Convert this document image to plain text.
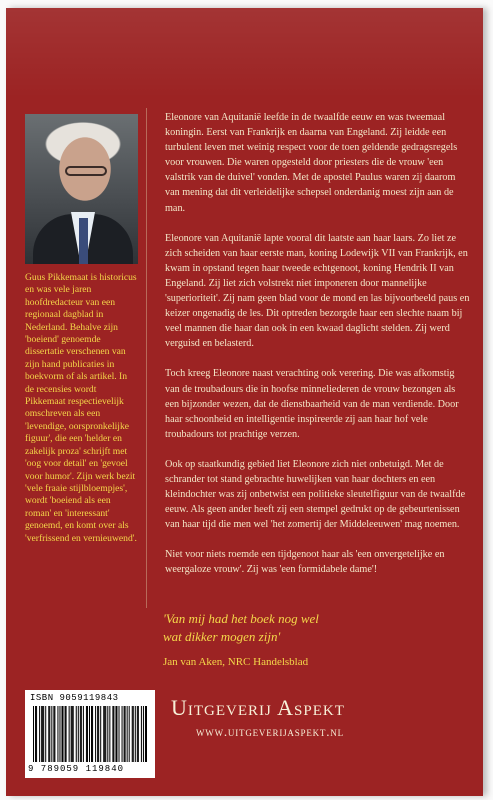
Guus Pikkemaat is historicus en was vele jaren hoofdredacteur van een regionaal dagblad in Nederland. Behalve zijn 'boeiend' genoemde dissertatie verschenen van zijn hand publicaties in boekvorm of als artikel. In de recensies wordt Pikkemaat respectievelijk omschreven als een 'levendige, oorspronkelijke figuur', die een 'helder en zakelijk proza' schrijft met 'oog voor detail' en 'gevoel voor humor'. Zijn werk bezit 'vele fraaie stijlbloempjes', wordt 'boeiend als een roman' en 'interessant' genoemd, en komt over als 'verfrissend en vernieuwend'.

Eleonore van Aquitanië leefde in de twaalfde eeuw en was tweemaal koningin. Eerst van Frankrijk en daarna van Engeland. Zij leidde een turbulent leven met weinig respect voor de toen geldende gedragsregels voor vrouwen. Die waren opgesteld door priesters die de vrouw 'een valstrik van de duivel' vonden. Met de apostel Paulus waren zij daarom van mening dat dit verleidelijke schepsel onderdanig moest zijn aan de man.

Eleonore van Aquitanië lapte vooral dit laatste aan haar laars. Zo liet ze zich scheiden van haar eerste man, koning Lodewijk VII van Frankrijk, en kwam in opstand tegen haar tweede echtgenoot, koning Hendrik II van Engeland. Zij liet zich volstrekt niet imponeren door mannelijke 'superioriteit'. Zij nam geen blad voor de mond en las bijvoorbeeld paus en keizer ongenadig de les. Dit optreden bezorgde haar een slechte naam bij veel mannen die haar dan ook in een kwaad daglicht stelden. Zij werd verguisd en belasterd.

Toch kreeg Eleonore naast verachting ook verering. Die was afkomstig van de troubadours die in hoofse minneliederen de vrouw bezongen als een bijzonder wezen, dat de dienstbaarheid van de man verdiende. Door haar schoonheid en intelligentie inspireerde zij aan haar hof vele troubadours tot prachtige verzen.

Ook op staatkundig gebied liet Eleonore zich niet onbetuigd. Met de schrander tot stand gebrachte huwelijken van haar dochters en een kleindochter was zij onbetwist een politieke sleutelfiguur van de twaalfde eeuw. Als geen ander heeft zij een stempel gedrukt op de gebeurtenissen van haar tijd die men wel 'het zomertij der Middeleeuwen' mag noemen.

Niet voor niets roemde een tijdgenoot haar als 'een onvergetelijke en weergaloze vrouw'. Zij was 'een formidabele dame'!

'Van mij had het boek nog wel
wat dikker mogen zijn'
Jan van Aken, NRC Handelsblad
ISBN 9059119843
9 789059 119840
Uitgeverij Aspekt
www.uitgeverijaspekt.nl
